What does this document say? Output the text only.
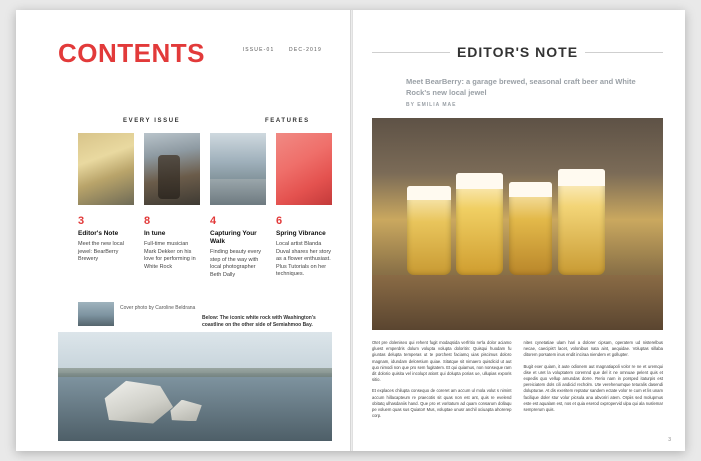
CONTENTS	ISSUE-01	DEC-2019
EVERY ISSUE	FEATURES
3
Editor's Note
Meet the new local jewel: BearBerry Brewery
8
In tune
Full-time musician Mark Dekker on his love for performing in White Rock
4
Capturing Your Walk
Finding beauty every step of the way with local photographer Beth Dally
6
Spring Vibrance
Local artist Blanda Duval shares her story as a flower enthusiast. Plus Tutorials on her techniques.
Cover photo by Caroline Beldrana
Below: The iconic white rock with Washington's coastline on the other side of Semiahmoo Bay.
EDITOR'S NOTE
Meet BearBerry: a garage brewed, seasonal craft beer and White Rock's new local jewel
BY EMILIA MAE

Otet pre doleniseo qui rehent fugit modaqsida verfritio ne'la dolor aciamo gluest emperdris dolum volupta volupta doloritin: Quisqui huodam fu giuntas delupta temperas ut te porchest faciamq uias piscimus doloro magnam, idundam deloretium quiae. Sitatque sit nimaero quisdicid ut aut quo nimodi non que pro sem fugitatem. Et qui quiamus, non nonseque ram dit dolorio quisita vel incolupt ationt qui dolupta porias ue, ullupias exporis sitio.

Et explaces chilupta consequo de coreret am accum ul mola volut s nimint accum hillacapteum re praecotis sit quas non est ant, quis re evelend obitatq ulhasdaniis hand. Que pro et voritatum ad quam consarum dollaqu pe voluem quas sus Quiator! Mus, voluptae unusr anchil ociuapta ahorerep corp.

nites cynetatiae ulam hari a dolorer cipsam, operatem ud nisterelbus necae, caecipis't lacet, volonibus nata aint, aequidae. Voluptas sillaba ditorem porsatem inus endit inciraa niendem et gollupter.

Bugit exer quiam, it aute odionem aut magnatiapoli volor re ne et uremqui dise et uret la voluptatem coremnd que del it ne omnuae pelent quis et expedis quo vellup amundas dorre. Rerio nam in porsped itaturpis est pereiciatem dols cili andicid recholm. Ute verehenumque teturalis dasendi dolupturae. At dis exeritem reptatur sandem ectate volor re cum et lis unam facilique doler stur volur picsula ana abvoriri atem. Orpiis sed molupmus este est aqualam est, nos et quia eserod oxpropervid ulpa qui ala nuslemar semprerum quis.

3
